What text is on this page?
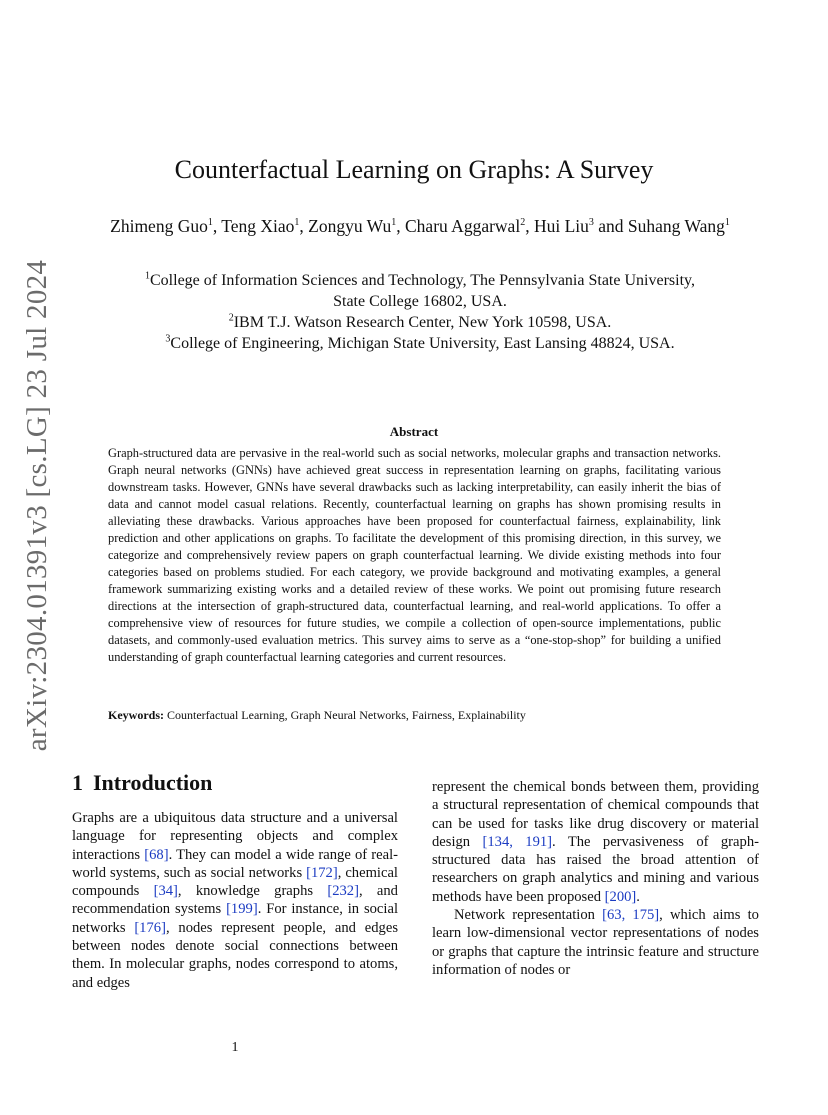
arXiv:2304.01391v3 [cs.LG] 23 Jul 2024
Counterfactual Learning on Graphs: A Survey
Zhimeng Guo$^1$, Teng Xiao$^1$, Zongyu Wu$^1$, Charu Aggarwal$^2$, Hui Liu$^3$ and Suhang Wang$^1$
$^1$College of Information Sciences and Technology, The Pennsylvania State University,
State College 16802, USA.
$^2$IBM T.J. Watson Research Center, New York 10598, USA.
$^3$College of Engineering, Michigan State University, East Lansing 48824, USA.
Abstract
Graph-structured data are pervasive in the real-world such as social networks, molecular graphs and transaction networks. Graph neural networks (GNNs) have achieved great success in representation learning on graphs, facilitating various downstream tasks. However, GNNs have several drawbacks such as lacking interpretability, can easily inherit the bias of data and cannot model casual relations. Recently, counterfactual learning on graphs has shown promising results in alleviating these drawbacks. Various approaches have been proposed for counterfactual fairness, explainability, link prediction and other applications on graphs. To facilitate the development of this promising direction, in this survey, we categorize and comprehensively review papers on graph counterfactual learning. We divide existing methods into four categories based on problems studied. For each category, we provide background and motivating examples, a general framework summarizing existing works and a detailed review of these works. We point out promising future research directions at the intersection of graph-structured data, counterfactual learning, and real-world applications. To offer a comprehensive view of resources for future studies, we compile a collection of open-source implementations, public datasets, and commonly-used evaluation metrics. This survey aims to serve as a “one-stop-shop” for building a unified understanding of graph counterfactual learning categories and current resources.
Keywords: Counterfactual Learning, Graph Neural Networks, Fairness, Explainability
1 Introduction

Graphs are a ubiquitous data structure and a universal language for representing objects and complex interactions [68]. They can model a wide range of real-world systems, such as social networks [172], chemical compounds [34], knowledge graphs [232], and recommendation systems [199]. For instance, in social networks [176], nodes represent people, and edges between nodes denote social connections between them. In molecular graphs, nodes correspond to atoms, and edges

represent the chemical bonds between them, providing a structural representation of chemical compounds that can be used for tasks like drug discovery or material design [134, 191]. The pervasiveness of graph-structured data has raised the broad attention of researchers on graph analytics and mining and various methods have been proposed [200].

Network representation [63, 175], which aims to learn low-dimensional vector representations of nodes or graphs that capture the intrinsic feature and structure information of nodes or

1
